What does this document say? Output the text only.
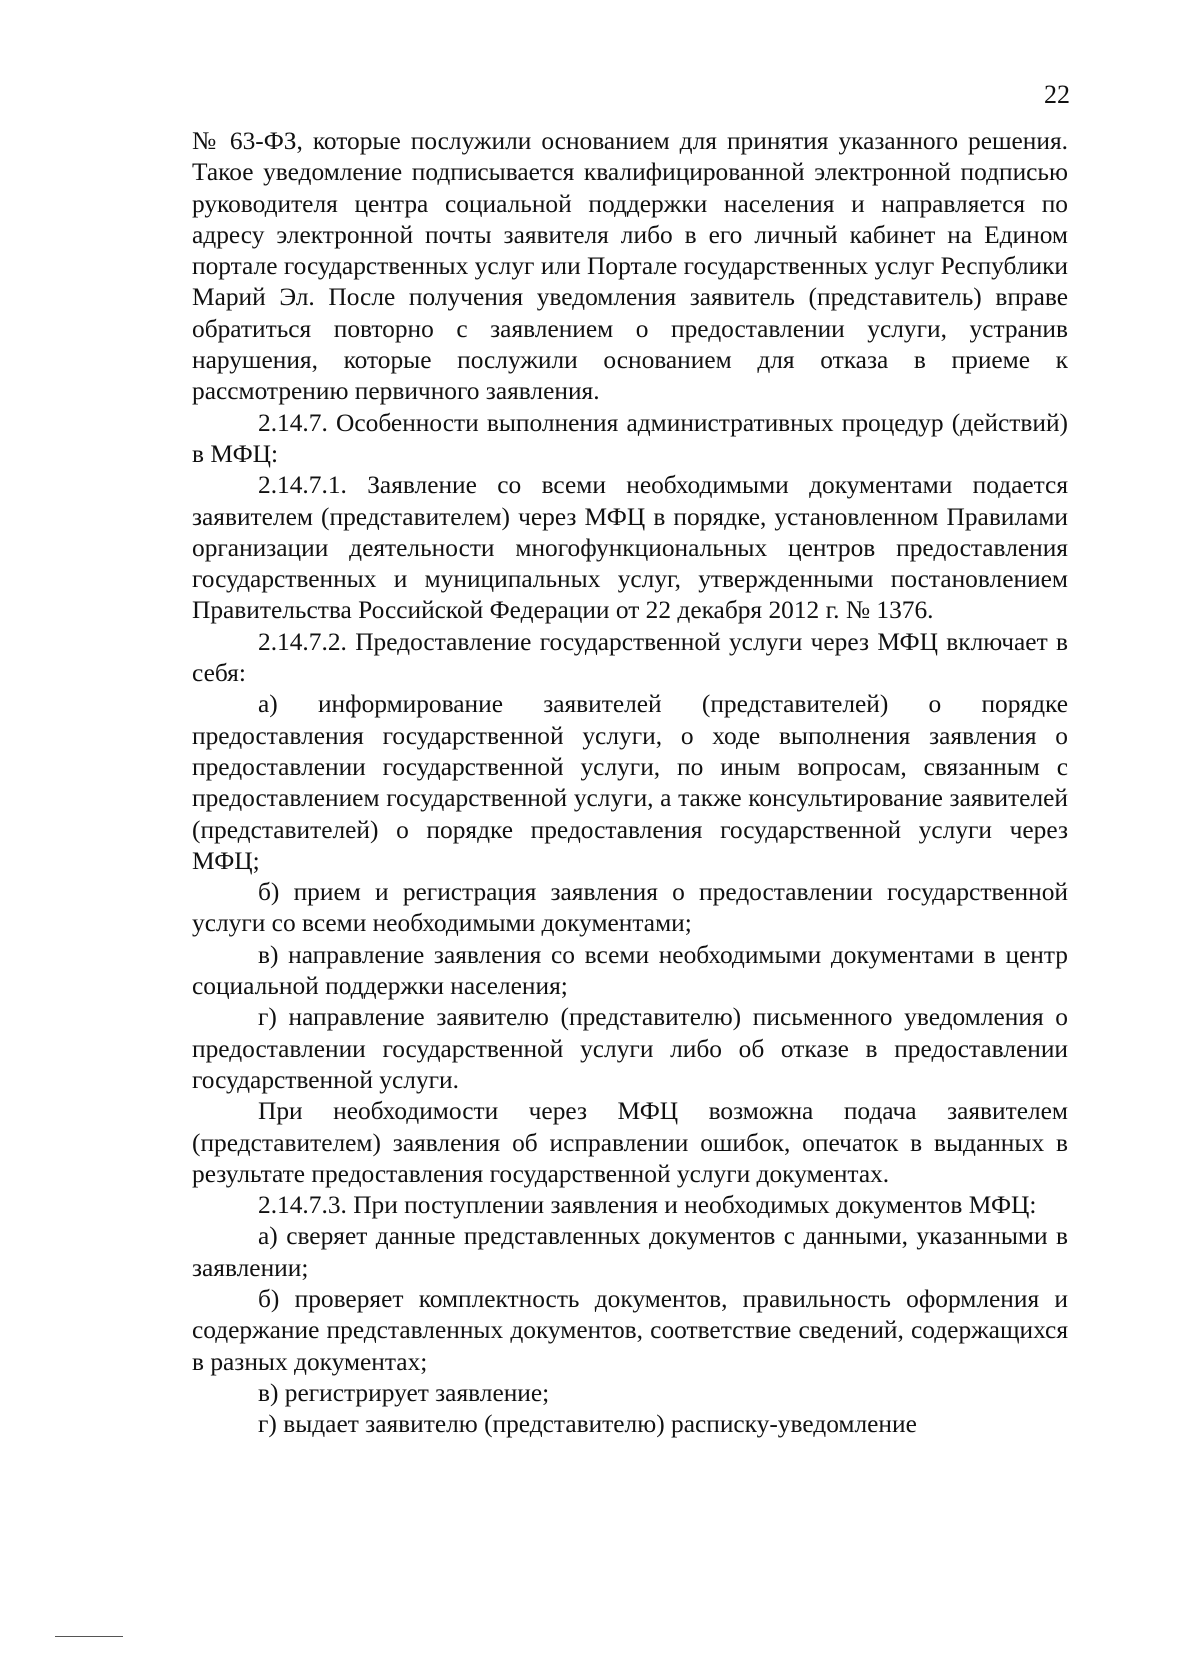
22

№ 63-ФЗ, которые послужили основанием для принятия указанного решения. Такое уведомление подписывается квалифицированной электронной подписью руководителя центра социальной поддержки населения и направляется по адресу электронной почты заявителя либо в его личный кабинет на Едином портале государственных услуг или Портале государственных услуг Республики Марий Эл. После получения уведомления заявитель (представитель) вправе обратиться повторно с заявлением о предоставлении услуги, устранив нарушения, которые послужили основанием для отказа в приеме к рассмотрению первичного заявления.

2.14.7. Особенности выполнения административных процедур (действий) в МФЦ:

2.14.7.1. Заявление со всеми необходимыми документами подается заявителем (представителем) через МФЦ в порядке, установленном Правилами организации деятельности многофункциональных центров предоставления государственных и муниципальных услуг, утвержденными постановлением Правительства Российской Федерации от 22 декабря 2012 г. № 1376.

2.14.7.2. Предоставление государственной услуги через МФЦ включает в себя:

а) информирование заявителей (представителей) о порядке предоставления государственной услуги, о ходе выполнения заявления о предоставлении государственной услуги, по иным вопросам, связанным с предоставлением государственной услуги, а также консультирование заявителей (представителей) о порядке предоставления государственной услуги через МФЦ;

б) прием и регистрация заявления о предоставлении государственной услуги со всеми необходимыми документами;

в) направление заявления со всеми необходимыми документами в центр социальной поддержки населения;

г) направление заявителю (представителю) письменного уведомления о предоставлении государственной услуги либо об отказе в предоставлении государственной услуги.

При необходимости через МФЦ возможна подача заявителем (представителем) заявления об исправлении ошибок, опечаток в выданных в результате предоставления государственной услуги документах.

2.14.7.3. При поступлении заявления и необходимых документов МФЦ:

а) сверяет данные представленных документов с данными, указанными в заявлении;

б) проверяет комплектность документов, правильность оформления и содержание представленных документов, соответствие сведений, содержащихся в разных документах;

в) регистрирует заявление;

г) выдает заявителю (представителю) расписку-уведомление
